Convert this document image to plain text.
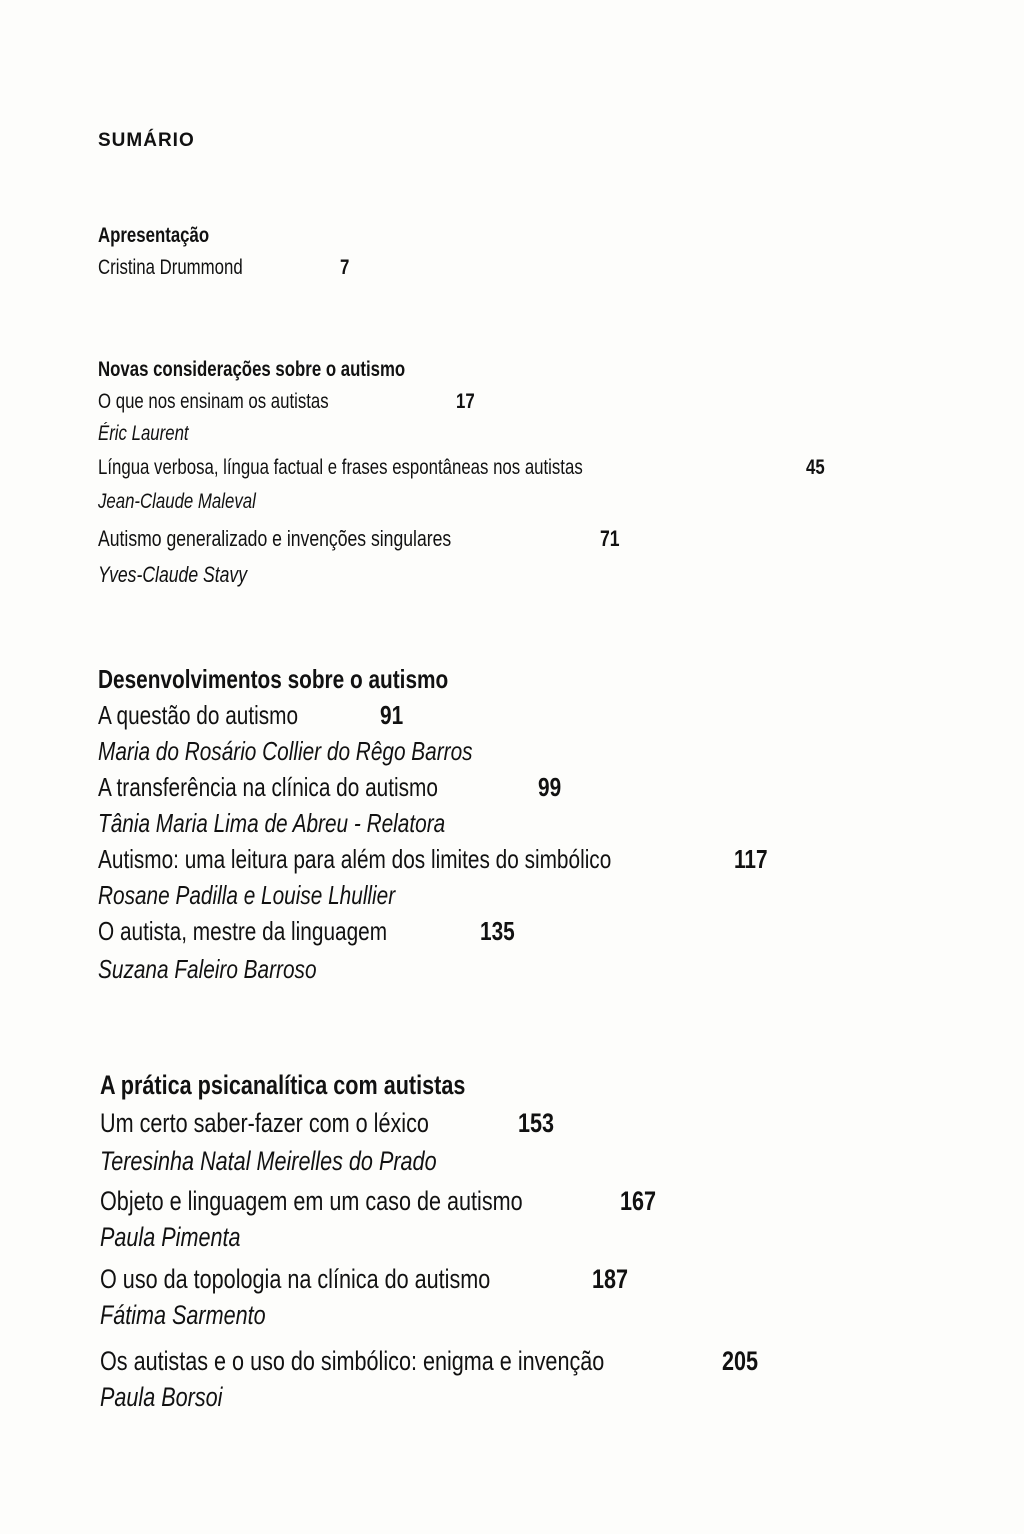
SUMÁRIO
Apresentação
Cristina Drummond	7
Novas considerações sobre o autismo
O que nos ensinam os autistas	17
Éric Laurent
Língua verbosa, língua factual e frases espontâneas nos autistas	45
Jean-Claude Maleval
Autismo generalizado e invenções singulares	71
Yves-Claude Stavy
Desenvolvimentos sobre o autismo
A questão do autismo	91
Maria do Rosário Collier do Rêgo Barros
A transferência na clínica do autismo	99
Tânia Maria Lima de Abreu - Relatora
Autismo: uma leitura para além dos limites do simbólico	117
Rosane Padilla e Louise Lhullier
O autista, mestre da linguagem	135
Suzana Faleiro Barroso
A prática psicanalítica com autistas
Um certo saber-fazer com o léxico	153
Teresinha Natal Meirelles do Prado
Objeto e linguagem em um caso de autismo	167
Paula Pimenta
O uso da topologia na clínica do autismo	187
Fátima Sarmento
Os autistas e o uso do simbólico: enigma e invenção	205
Paula Borsoi
